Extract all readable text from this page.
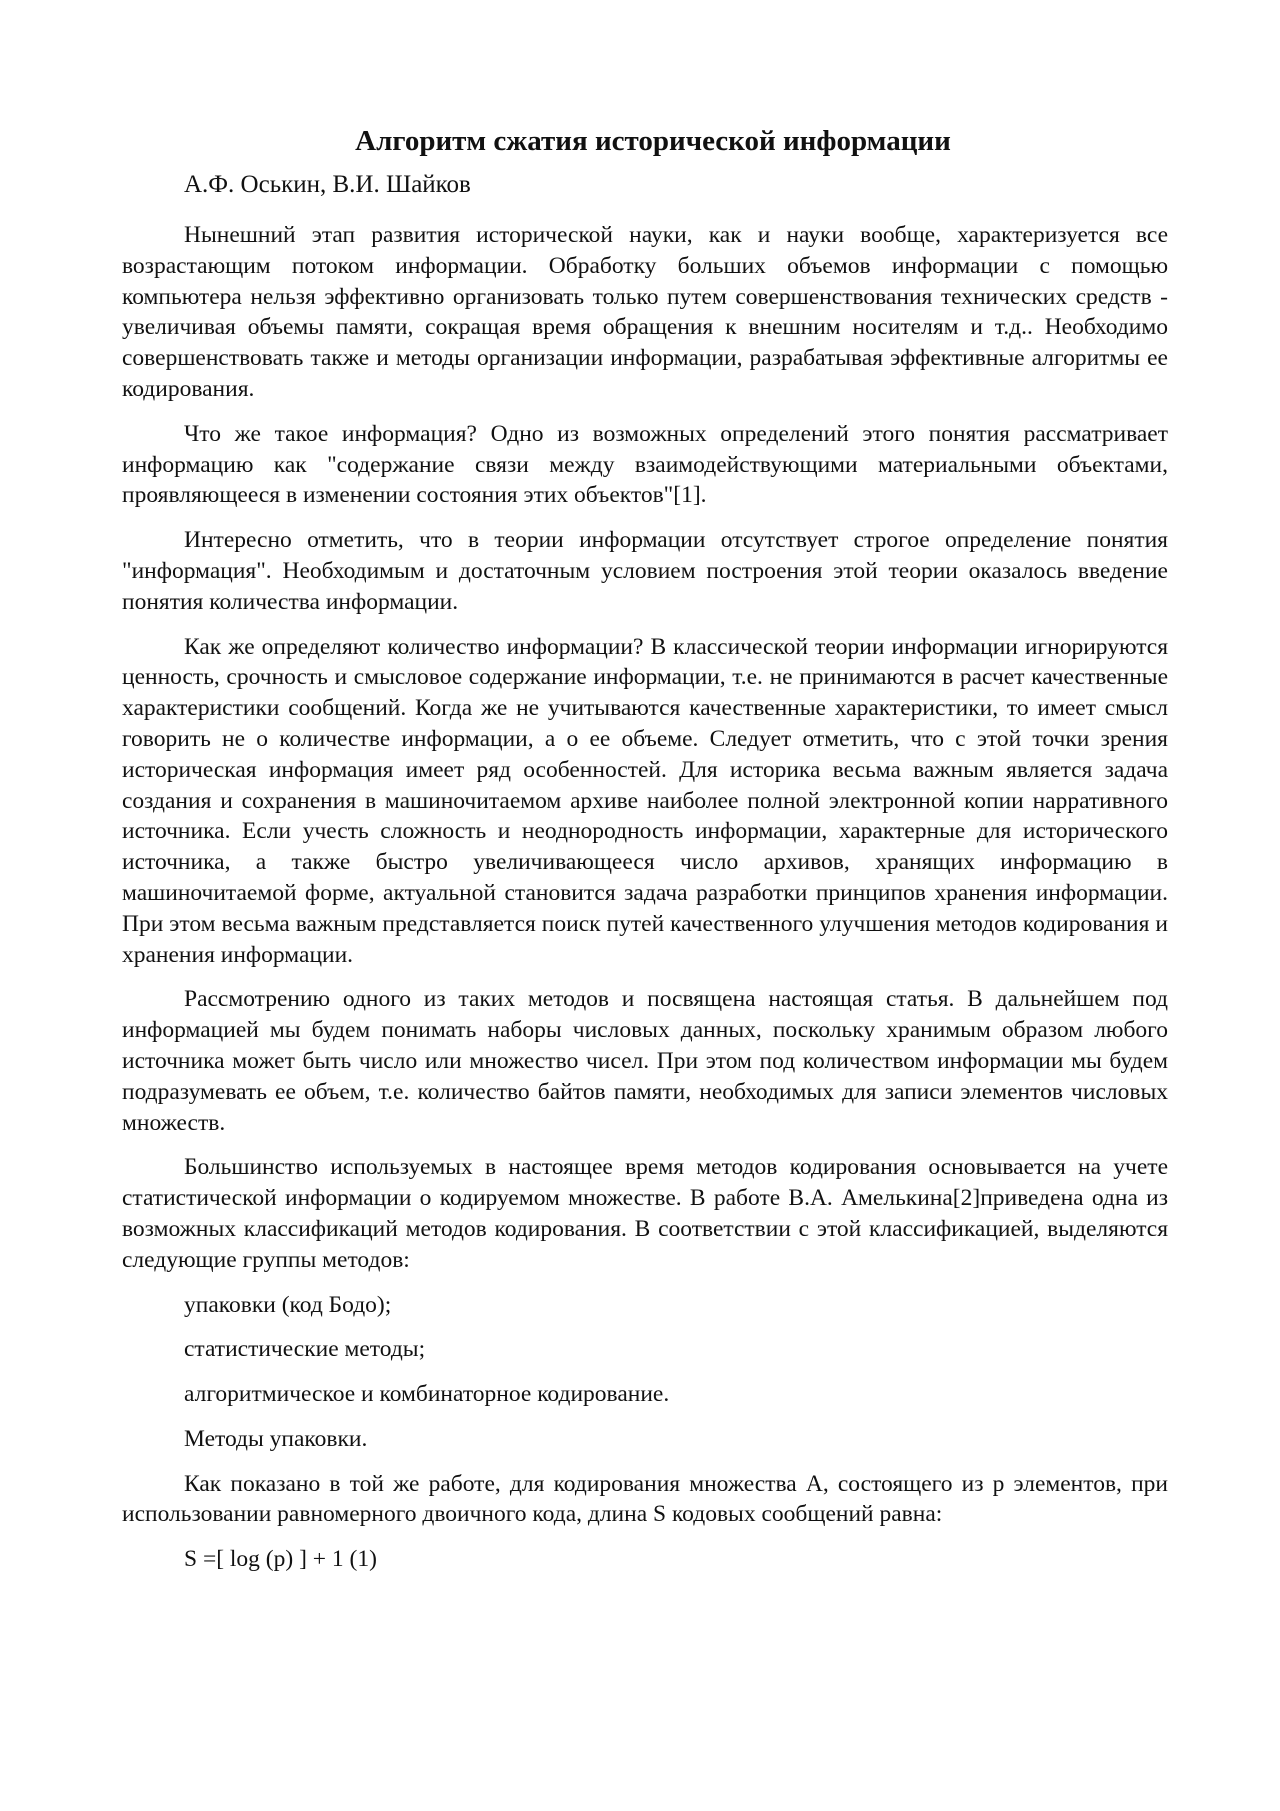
Алгоритм сжатия исторической информации
А.Ф. Оськин, В.И. Шайков

Нынешний этап развития исторической науки, как и науки вообще, характеризуется все возрастающим потоком информации. Обработку больших объемов информации с помощью компьютера нельзя эффективно организовать только путем совершенствования технических средств - увеличивая объемы памяти, сокращая время обращения к внешним носителям и т.д.. Необходимо совершенствовать также и методы организации информации, разрабатывая эффективные алгоритмы ее кодирования.

Что же такое информация? Одно из возможных определений этого понятия рассматривает информацию как "содержание связи между взаимодействующими материальными объектами, проявляющееся в изменении состояния этих объектов"[1].

Интересно отметить, что в теории информации отсутствует строгое определение понятия "информация". Необходимым и достаточным условием построения этой теории оказалось введение понятия количества информации.

Как же определяют количество информации? В классической теории информации игнорируются ценность, срочность и смысловое содержание информации, т.е. не принимаются в расчет качественные характеристики сообщений. Когда же не учитываются качественные характеристики, то имеет смысл говорить не о количестве информации, а о ее объеме. Следует отметить, что с этой точки зрения историческая информация имеет ряд особенностей. Для историка весьма важным является задача создания и сохранения в машиночитаемом архиве наиболее полной электронной копии нарративного источника. Если учесть сложность и неоднородность информации, характерные для исторического источника, а также быстро увеличивающееся число архивов, хранящих информацию в машиночитаемой форме, актуальной становится задача разработки принципов хранения информации. При этом весьма важным представляется поиск путей качественного улучшения методов кодирования и хранения информации.

Рассмотрению одного из таких методов и посвящена настоящая статья. В дальнейшем под информацией мы будем понимать наборы числовых данных, поскольку хранимым образом любого источника может быть число или множество чисел. При этом под количеством информации мы будем подразумевать ее объем, т.е. количество байтов памяти, необходимых для записи элементов числовых множеств.

Большинство используемых в настоящее время методов кодирования основывается на учете статистической информации о кодируемом множестве. В работе В.А. Амелькина[2]приведена одна из возможных классификаций методов кодирования. В соответствии с этой классификацией, выделяются следующие группы методов:

упаковки (код Бодо);
статистические методы;
алгоритмическое и комбинаторное кодирование.
Методы упаковки.

Как показано в той же работе, для кодирования множества А, состоящего из р элементов, при использовании равномерного двоичного кода, длина S кодовых сообщений равна:

S =[ log (p) ] + 1 (1)
